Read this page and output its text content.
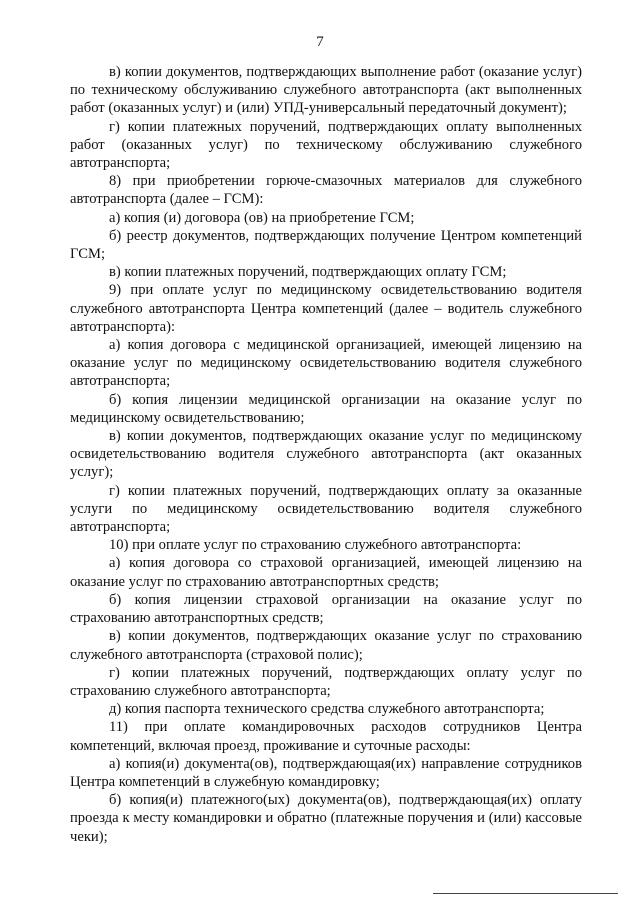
7

в) копии документов, подтверждающих выполнение работ (оказание услуг) по техническому обслуживанию служебного автотранспорта (акт выполненных работ (оказанных услуг) и (или) УПД-универсальный передаточный документ);

г) копии платежных поручений, подтверждающих оплату выполненных работ (оказанных услуг) по техническому обслуживанию служебного автотранспорта;

8) при приобретении горюче-смазочных материалов для служебного автотранспорта (далее – ГСМ):

а) копия (и) договора (ов) на приобретение ГСМ;

б) реестр документов, подтверждающих получение Центром компетенций ГСМ;

в) копии платежных поручений, подтверждающих оплату ГСМ;

9) при оплате услуг по медицинскому освидетельствованию водителя служебного автотранспорта Центра компетенций (далее – водитель служебного автотранспорта):

а) копия договора с медицинской организацией, имеющей лицензию на оказание услуг по медицинскому освидетельствованию водителя служебного автотранспорта;

б) копия лицензии медицинской организации на оказание услуг по медицинскому освидетельствованию;

в) копии документов, подтверждающих оказание услуг по медицинскому освидетельствованию водителя служебного автотранспорта (акт оказанных услуг);

г) копии платежных поручений, подтверждающих оплату за оказанные услуги по медицинскому освидетельствованию водителя служебного автотранспорта;

10) при оплате услуг по страхованию служебного автотранспорта:

а) копия договора со страховой организацией, имеющей лицензию на оказание услуг по страхованию автотранспортных средств;

б) копия лицензии страховой организации на оказание услуг по страхованию автотранспортных средств;

в) копии документов, подтверждающих оказание услуг по страхованию служебного автотранспорта (страховой полис);

г) копии платежных поручений, подтверждающих оплату услуг по страхованию служебного автотранспорта;

д) копия паспорта технического средства служебного автотранспорта;

11) при оплате командировочных расходов сотрудников Центра компетенций, включая проезд, проживание и суточные расходы:

а) копия(и) документа(ов), подтверждающая(их) направление сотрудников Центра компетенций в служебную командировку;

б) копия(и) платежного(ых) документа(ов), подтверждающая(их) оплату проезда к месту командировки и обратно (платежные поручения и (или) кассовые чеки);
